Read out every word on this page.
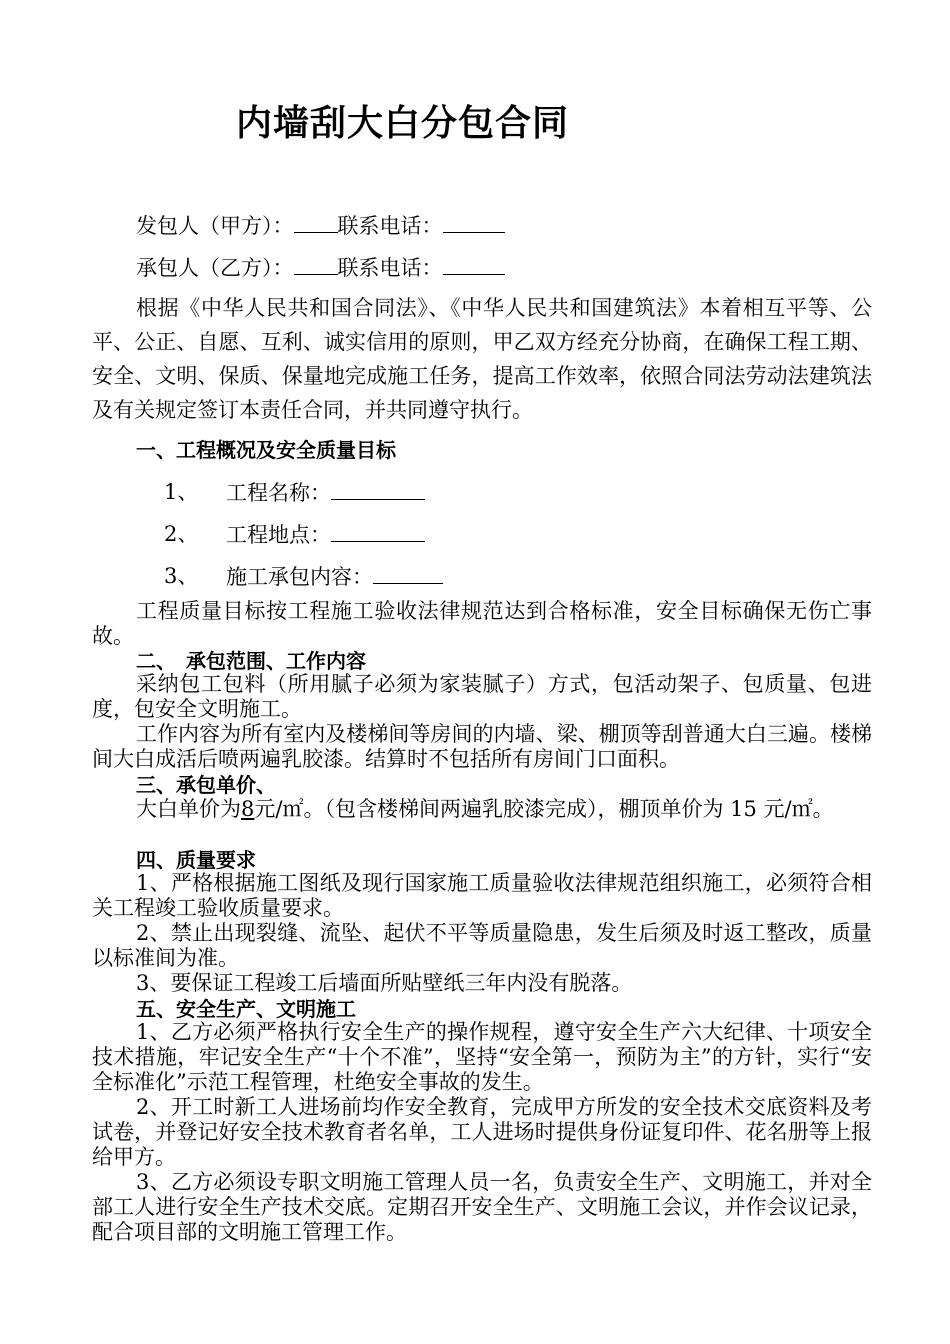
内墙刮大白分包合同
发包人（甲方）： 联系电话：
承包人（乙方）： 联系电话：

根据《中华人民共和国合同法》、《中华人民共和国建筑法》本着相互平等、公平、公正、自愿、互利、诚实信用的原则，甲乙双方经充分协商，在确保工程工期、安全、文明、保质、保量地完成施工任务，提高工作效率，依照合同法劳动法建筑法及有关规定签订本责任合同，并共同遵守执行。

一、工程概况及安全质量目标
1、 工程名称：
2、 工程地点：
3、 施工承包内容：

工程质量目标按工程施工验收法律规范达到合格标准，安全目标确保无伤亡事故。

二、　承包范围、工作内容

采纳包工包料（所用腻子必须为家装腻子）方式，包活动架子、包质量、包进度，包安全文明施工。

工作内容为所有室内及楼梯间等房间的内墙、梁、棚顶等刮普通大白三遍。楼梯间大白成活后喷两遍乳胶漆。结算时不包括所有房间门口面积。

三、承包单价、

大白单价为8元/㎡。（包含楼梯间两遍乳胶漆完成），棚顶单价为 15 元/㎡。

四、质量要求

1、严格根据施工图纸及现行国家施工质量验收法律规范组织施工，必须符合相关工程竣工验收质量要求。

2、禁止出现裂缝、流坠、起伏不平等质量隐患，发生后须及时返工整改，质量以标准间为准。

3、要保证工程竣工后墙面所贴壁纸三年内没有脱落。

五、安全生产、文明施工

1、乙方必须严格执行安全生产的操作规程，遵守安全生产六大纪律、十项安全技术措施，牢记安全生产“十个不准”，坚持“安全第一，预防为主”的方针，实行“安全标准化”示范工程管理，杜绝安全事故的发生。

2、开工时新工人进场前均作安全教育，完成甲方所发的安全技术交底资料及考试卷，并登记好安全技术教育者名单，工人进场时提供身份证复印件、花名册等上报给甲方。

3、乙方必须设专职文明施工管理人员一名，负责安全生产、文明施工，并对全部工人进行安全生产技术交底。定期召开安全生产、文明施工会议，并作会议记录，配合项目部的文明施工管理工作。
